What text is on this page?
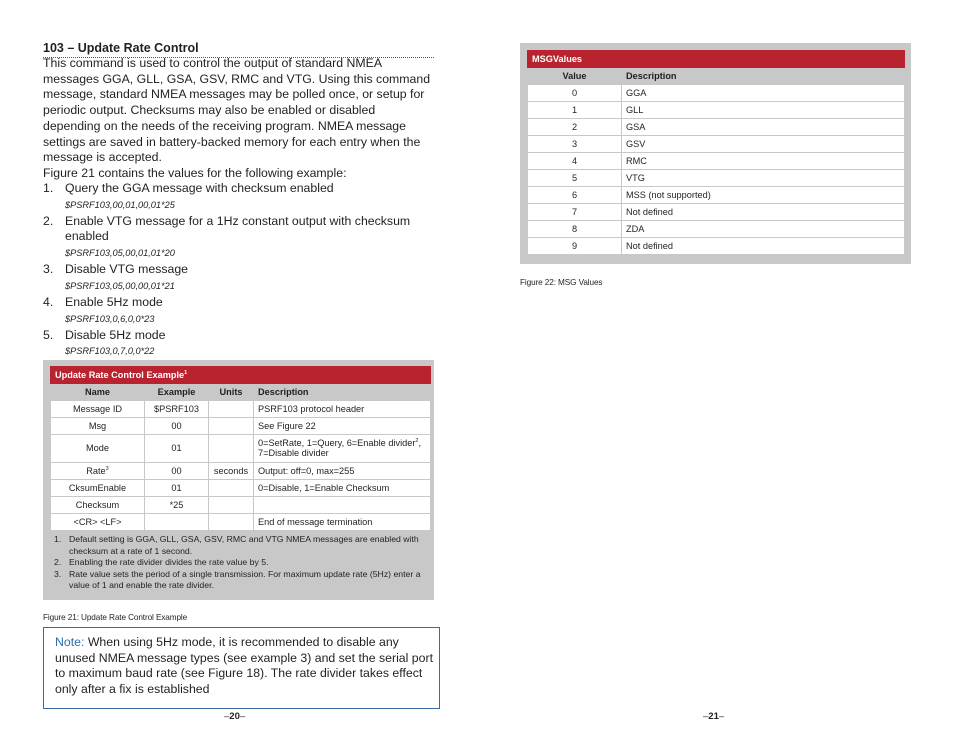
103 – Update Rate Control

This command is used to control the output of standard NMEA messages GGA, GLL, GSA, GSV, RMC and VTG. Using this command message, standard NMEA messages may be polled once, or setup for periodic output. Checksums may also be enabled or disabled depending on the needs of the receiving program. NMEA message settings are saved in battery-backed memory for each entry when the message is accepted.

Figure 21 contains the values for the following example:

1. Query the GGA message with checksum enabled
$PSRF103,00,01,00,01*25
2. Enable VTG message for a 1Hz constant output with checksum enabled
$PSRF103,05,00,01,01*20
3. Disable VTG message
$PSRF103,05,00,00,01*21
4. Enable 5Hz mode
$PSRF103,0,6,0,0*23
5. Disable 5Hz mode
$PSRF103,0,7,0,0*22
Update Rate Control Example$^1$
Name	Example	Units	Description
Message ID	$PSRF103		PSRF103 protocol header
Msg	00		See Figure 22
Mode	01		0=SetRate, 1=Query, 6=Enable divider$^2$, 7=Disable divider
Rate$^3$	00	seconds	Output: off=0, max=255
CksumEnable	01		0=Disable, 1=Enable Checksum
Checksum	*25		
<CR> <LF>			End of message termination
1. Default setting is GGA, GLL, GSA, GSV, RMC and VTG NMEA messages are enabled with checksum at a rate of 1 second.
2. Enabling the rate divider divides the rate value by 5.
3. Rate value sets the period of a single transmission. For maximum update rate (5Hz) enter a value of 1 and enable the rate divider.
Figure 21: Update Rate Control Example
Note: When using 5Hz mode, it is recommended to disable any unused NMEA message types (see example 3) and set the serial port to maximum baud rate (see Figure 18). The rate divider takes effect only after a fix is established
–20–
MSGValues	
Value	Description
0	GGA
1	GLL
2	GSA
3	GSV
4	RMC
5	VTG
6	MSS (not supported)
7	Not defined
8	ZDA
9	Not defined
Figure 22: MSG Values
–21–
